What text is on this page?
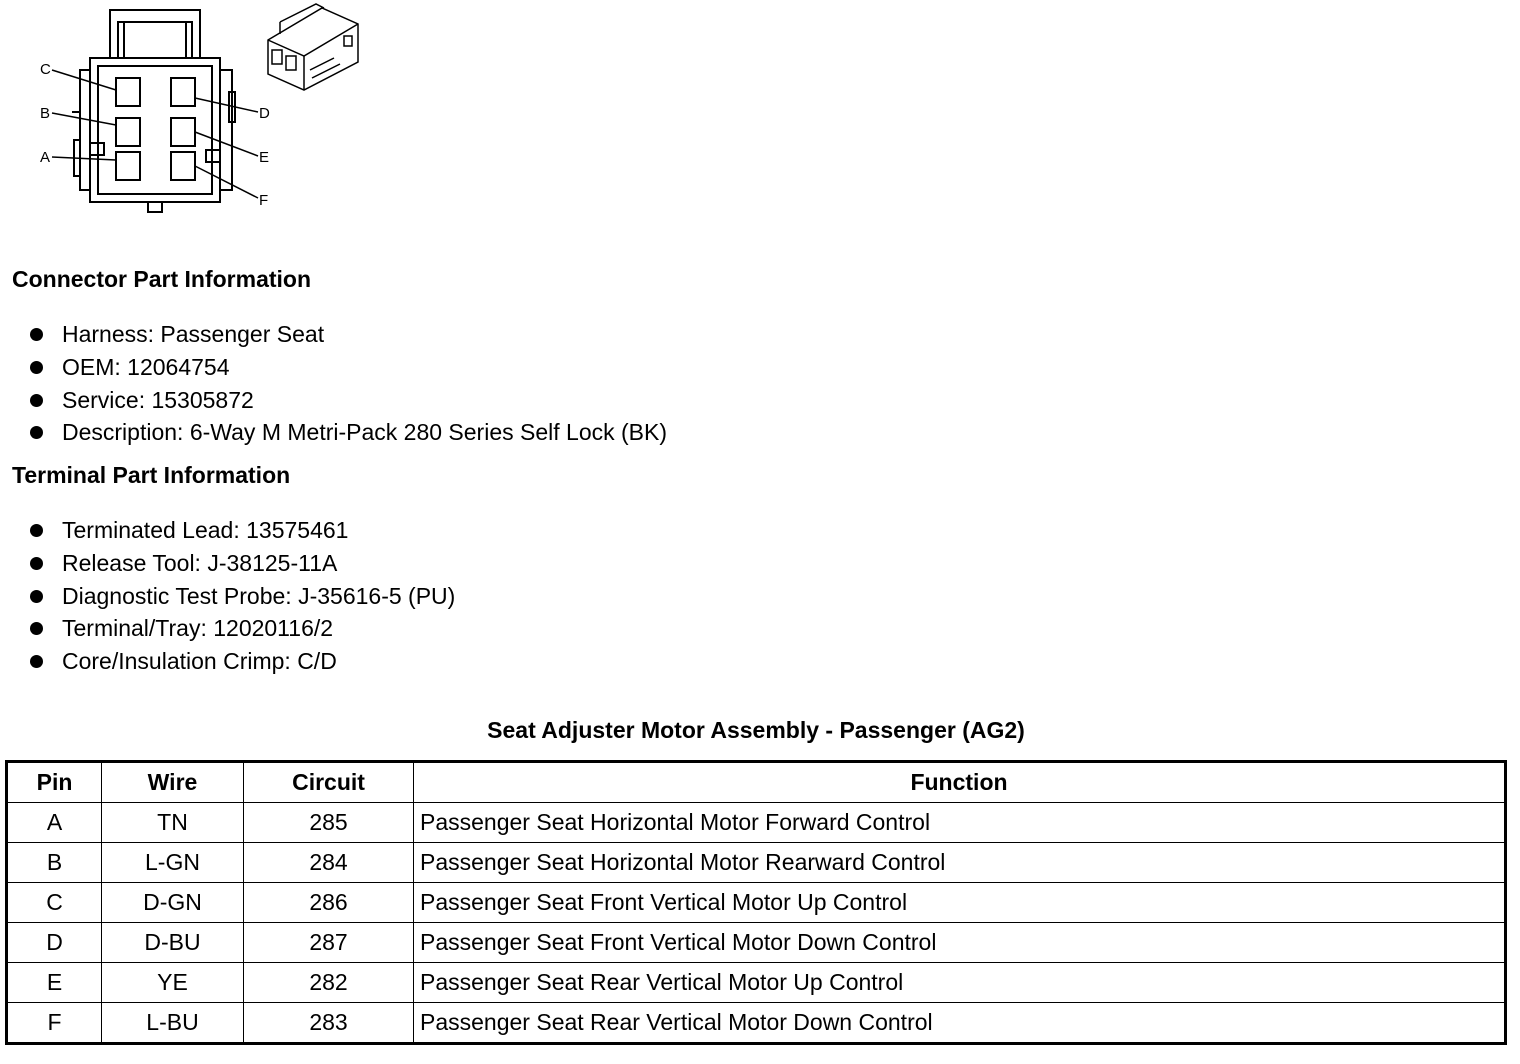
C
B
A
D
E
F
Connector Part Information
Harness: Passenger Seat
OEM: 12064754
Service: 15305872
Description: 6-Way M Metri-Pack 280 Series Self Lock (BK)
Terminal Part Information
Terminated Lead: 13575461
Release Tool: J-38125-11A
Diagnostic Test Probe: J-35616-5 (PU)
Terminal/Tray: 12020116/2
Core/Insulation Crimp: C/D
Seat Adjuster Motor Assembly - Passenger (AG2)
Pin	Wire	Circuit	Function
A	TN	285	Passenger Seat Horizontal Motor Forward Control
B	L-GN	284	Passenger Seat Horizontal Motor Rearward Control
C	D-GN	286	Passenger Seat Front Vertical Motor Up Control
D	D-BU	287	Passenger Seat Front Vertical Motor Down Control
E	YE	282	Passenger Seat Rear Vertical Motor Up Control
F	L-BU	283	Passenger Seat Rear Vertical Motor Down Control
